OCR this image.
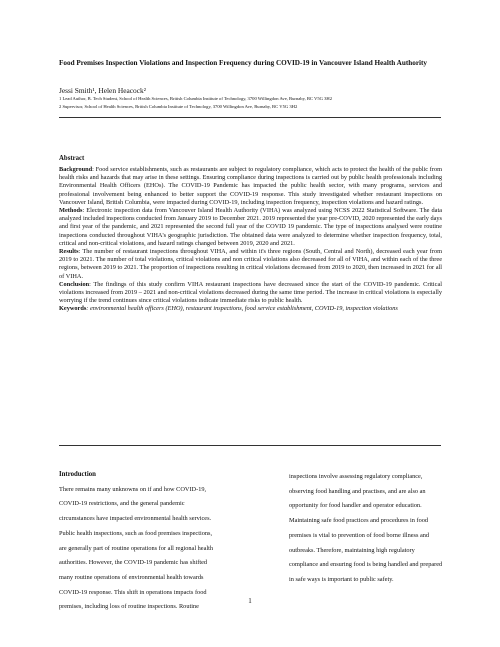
Food Premises Inspection Violations and Inspection Frequency during COVID-19 in Vancouver Island Health Authority
Jessi Smith¹, Helen Heacock²
1 Lead Author, B. Tech Student, School of Health Sciences, British Columbia Institute of Technology, 3700 Willingdon Ave, Burnaby, BC V5G 3H2
2 Supervisor, School of Health Sciences, British Columbia Institute of Technology, 3700 Willingdon Ave, Burnaby, BC V5G 3H2
Abstract

Background: Food service establishments, such as restaurants are subject to regulatory compliance, which acts to protect the health of the public from health risks and hazards that may arise in these settings. Ensuring compliance during inspections is carried out by public health professionals including Environmental Health Officers (EHOs). The COVID-19 Pandemic has impacted the public health sector, with many programs, services and professional involvement being enhanced to better support the COVID-19 response. This study investigated whether restaurant inspections on Vancouver Island, British Columbia, were impacted during COVID-19, including inspection frequency, inspection violations and hazard ratings.

Methods: Electronic inspection data from Vancouver Island Health Authority (VIHA) was analyzed using NCSS 2022 Statistical Software. The data analyzed included inspections conducted from January 2019 to December 2021. 2019 represented the year pre-COVID, 2020 represented the early days and first year of the pandemic, and 2021 represented the second full year of the COVID 19 pandemic. The type of inspections analysed were routine inspections conducted throughout VIHA's geographic jurisdiction. The obtained data were analyzed to determine whether inspection frequency, total, critical and non-critical violations, and hazard ratings changed between 2019, 2020 and 2021.

Results: The number of restaurant inspections throughout VIHA, and within it's three regions (South, Central and North), decreased each year from 2019 to 2021. The number of total violations, critical violations and non critical violations also decreased for all of VIHA, and within each of the three regions, between 2019 to 2021. The proportion of inspections resulting in critical violations decreased from 2019 to 2020, then increased in 2021 for all of VIHA.

Conclusion: The findings of this study confirm VIHA restaurant inspections have decreased since the start of the COVID-19 pandemic. Critical violations increased from 2019 – 2021 and non-critical violations decreased during the same time period. The increase in critical violations is especially worrying if the trend continues since critical violations indicate immediate risks to public health.

Keywords: environmental health officers (EHO), restaurant inspections, food service establishment, COVID-19, inspection violations

Introduction

There remains many unknowns on if and how COVID-19, COVID-19 restrictions, and the general pandemic circumstances have impacted environmental health services. Public health inspections, such as food premises inspections, are generally part of routine operations for all regional health authorities. However, the COVID-19 pandemic has shifted many routine operations of environmental health towards COVID-19 response. This shift in operations impacts food premises, including loss of routine inspections. Routine

inspections involve assessing regulatory compliance, observing food handling and practises, and are also an opportunity for food handler and operator education. Maintaining safe food practices and procedures in food premises is vital to prevention of food borne illness and outbreaks. Therefore, maintaining high regulatory compliance and ensuring food is being handled and prepared in safe ways is important to public safety.

1
